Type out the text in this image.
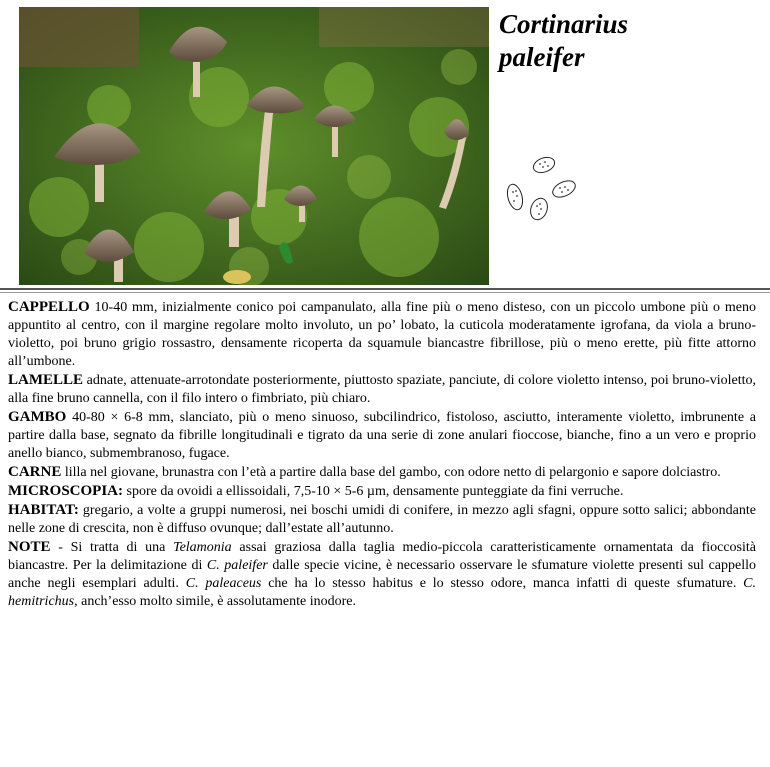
Cortinarius
paleifer

CAPPELLO 10-40 mm, inizialmente conico poi campanulato, alla fine più o meno disteso, con un piccolo umbone più o meno appuntito al centro, con il margine regolare molto involuto, un po’ lobato, la cuticola moderatamente igrofana, da viola a bruno-violetto, poi bruno grigio rossastro, densamente ricoperta da squamule biancastre fibrillose, più o meno erette, più fitte attorno all’umbone.

LAMELLE adnate, attenuate-arrotondate posteriormente, piuttosto spaziate, panciute, di colore violetto intenso, poi bruno-violetto, alla fine bruno cannella, con il filo intero o fimbriato, più chiaro.

GAMBO 40-80 × 6-8 mm, slanciato, più o meno sinuoso, subcilindrico, fistoloso, asciutto, interamente violetto, imbrunente a partire dalla base, segnato da fibrille longitudinali e tigrato da una serie di zone anulari fioccose, bianche, fino a un vero e proprio anello bianco, submembranoso, fugace.

CARNE lilla nel giovane, brunastra con l’età a partire dalla base del gambo, con odore netto di pelargonio e sapore dolciastro.

MICROSCOPIA: spore da ovoidi a ellissoidali, 7,5-10 × 5-6 µm, densamente punteggiate da fini verruche.

HABITAT: gregario, a volte a gruppi numerosi, nei boschi umidi di conifere, in mezzo agli sfagni, oppure sotto salici; abbondante nelle zone di crescita, non è diffuso ovunque; dall’estate all’autunno.

NOTE - Si tratta di una Telamonia assai graziosa dalla taglia medio-piccola caratteristicamente ornamentata da fioccosità biancastre. Per la delimitazione di C. paleifer dalle specie vicine, è necessario osservare le sfumature violette presenti sul cappello anche negli esemplari adulti. C. paleaceus che ha lo stesso habitus e lo stesso odore, manca infatti di queste sfumature. C. hemitrichus, anch’esso molto simile, è assolutamente inodore.
